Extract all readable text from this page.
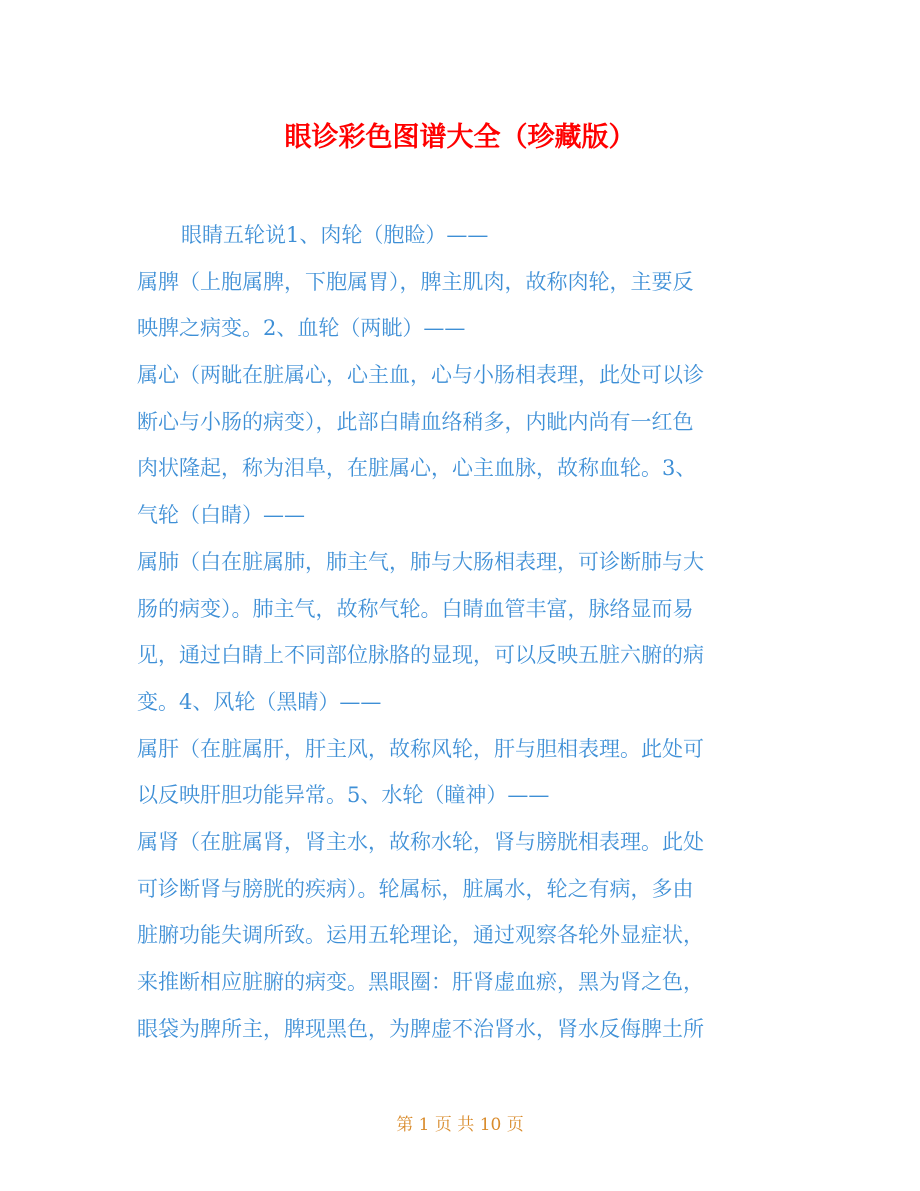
眼诊彩色图谱大全（珍藏版）
眼睛五轮说1、肉轮（胞睑）——
属脾（上胞属脾，下胞属胃），脾主肌肉，故称肉轮，主要反
映脾之病变。2、血轮（两眦）——
属心（两眦在脏属心，心主血，心与小肠相表理，此处可以诊
断心与小肠的病变），此部白睛血络稍多，内眦内尚有一红色
肉状隆起，称为泪阜，在脏属心，心主血脉，故称血轮。3、
气轮（白睛）——
属肺（白在脏属肺，肺主气，肺与大肠相表理，可诊断肺与大
肠的病变）。肺主气，故称气轮。白睛血管丰富，脉络显而易
见，通过白睛上不同部位脉胳的显现，可以反映五脏六腑的病
变。4、风轮（黑睛）——
属肝（在脏属肝，肝主风，故称风轮，肝与胆相表理。此处可
以反映肝胆功能异常。5、水轮（瞳神）——
属肾（在脏属肾，肾主水，故称水轮，肾与膀胱相表理。此处
可诊断肾与膀胱的疾病）。轮属标，脏属水，轮之有病，多由
脏腑功能失调所致。运用五轮理论，通过观察各轮外显症状，
来推断相应脏腑的病变。黑眼圈：肝肾虚血瘀，黑为肾之色，
眼袋为脾所主，脾现黑色，为脾虚不治肾水，肾水反侮脾土所
第 1 页 共 10 页
